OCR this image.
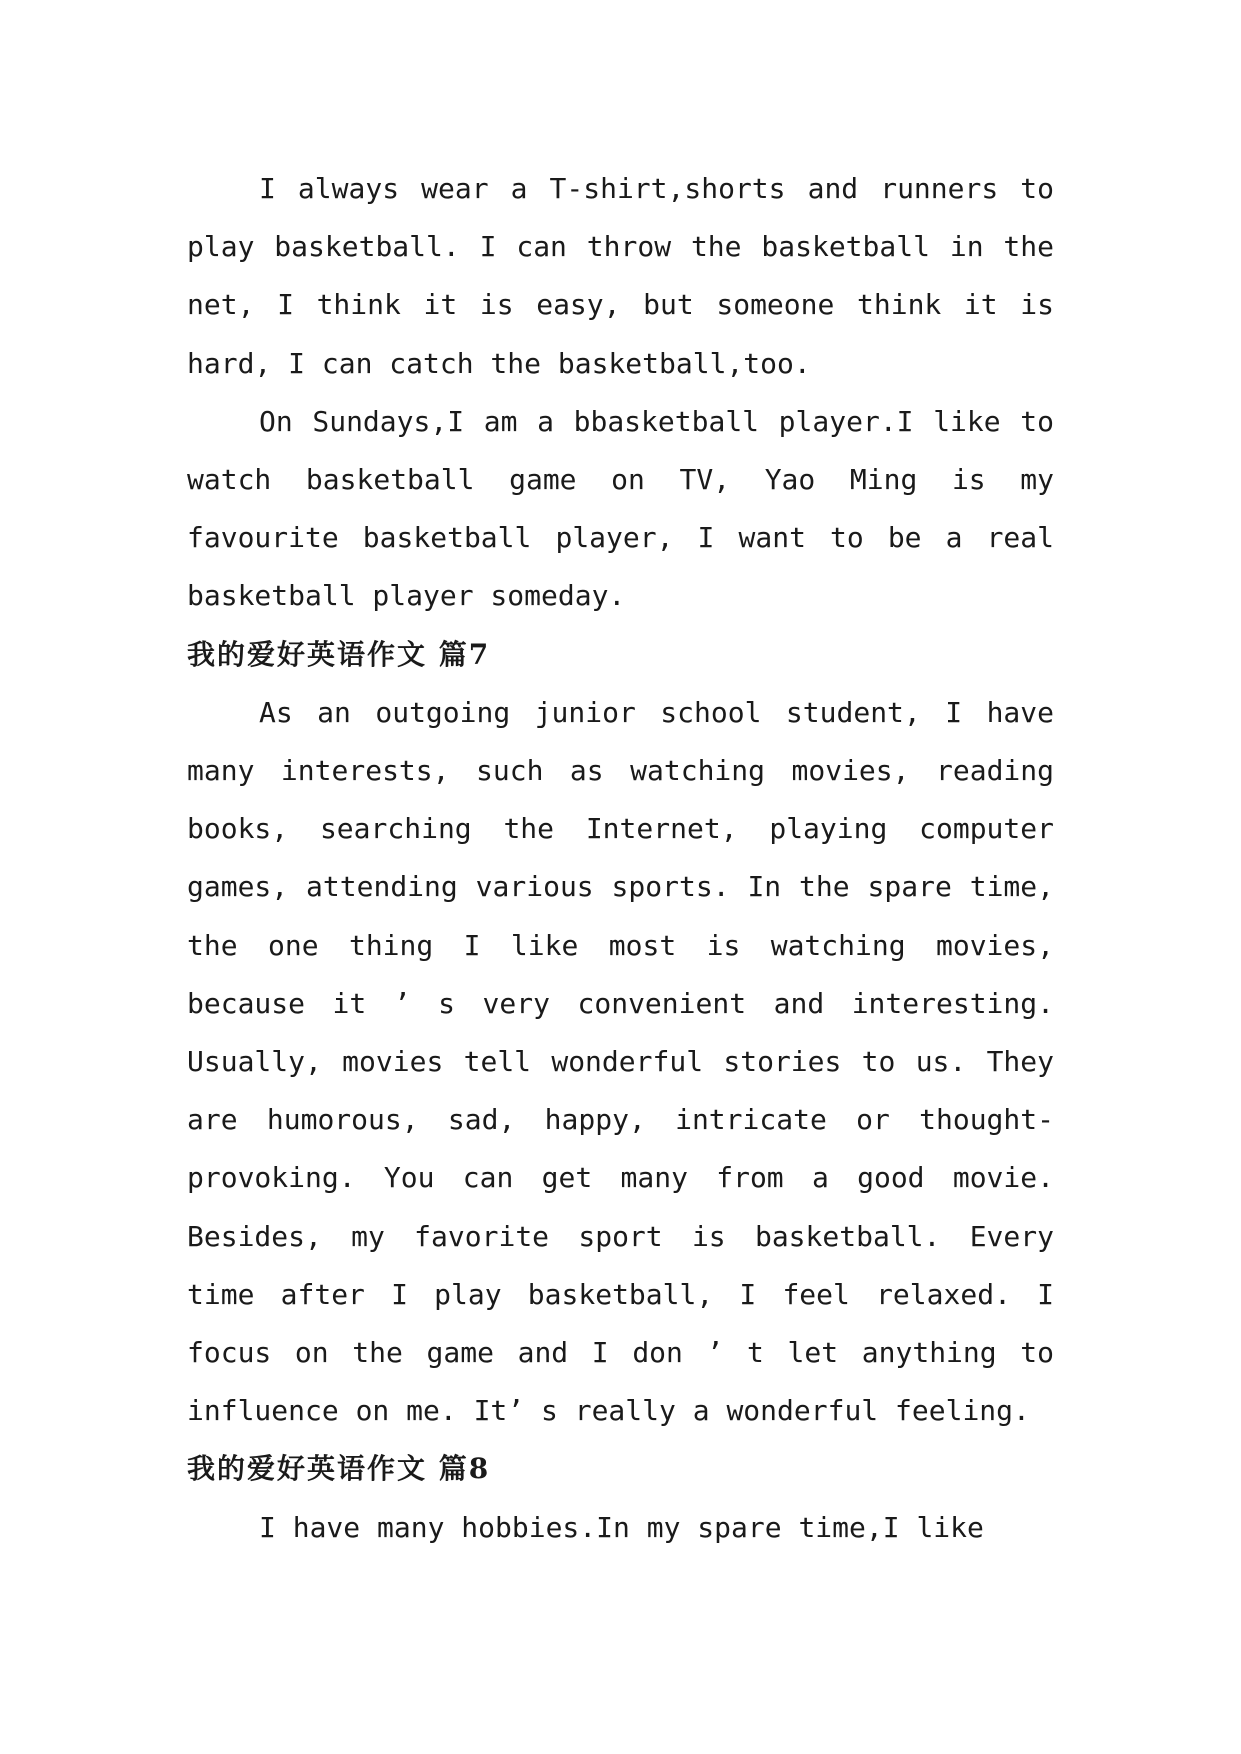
I always wear a T-shirt,shorts and runners to play basketball. I can throw the basketball in the net, I think it is easy, but someone think it is hard, I can catch the basketball,too.

On Sundays,I am a bbasketball player.I like to watch basketball game on TV, Yao Ming is my favourite basketball player, I want to be a real basketball player someday.

我的爱好英语作文 篇7

As an outgoing junior school student, I have many interests, such as watching movies, reading books, searching the Internet, playing computer games, attending various sports. In the spare time, the one thing I like most is watching movies, because it ’ s very convenient and interesting. Usually, movies tell wonderful stories to us. They are humorous, sad, happy, intricate or thought-provoking. You can get many from a good movie. Besides, my favorite sport is basketball. Every time after I play basketball, I feel relaxed. I focus on the game and I don ’ t let anything to influence on me. It’ s really a wonderful feeling.

我的爱好英语作文 篇8

I have many hobbies.In my spare time,I like
